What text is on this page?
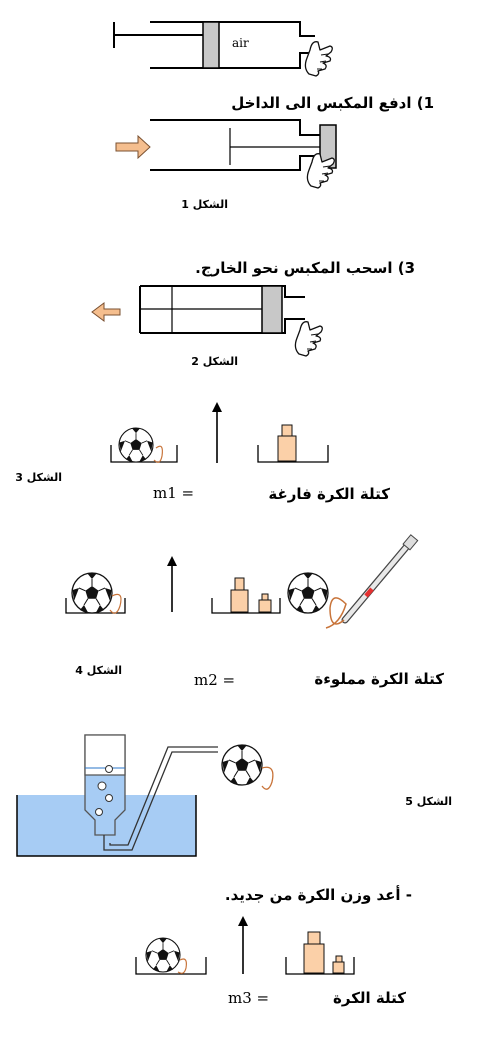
air
1) ادفع المكبس الى الداخل
الشكل 1
3) اسحب المكبس نحو الخارج.
الشكل 2
الشكل 3
m1 =	كتلة الكرة فارغة
الشكل 4
m2 =	كتلة الكرة مملوءة
الشكل 5
- أعد وزن الكرة من جديد.
m3 =	كتلة الكرة
